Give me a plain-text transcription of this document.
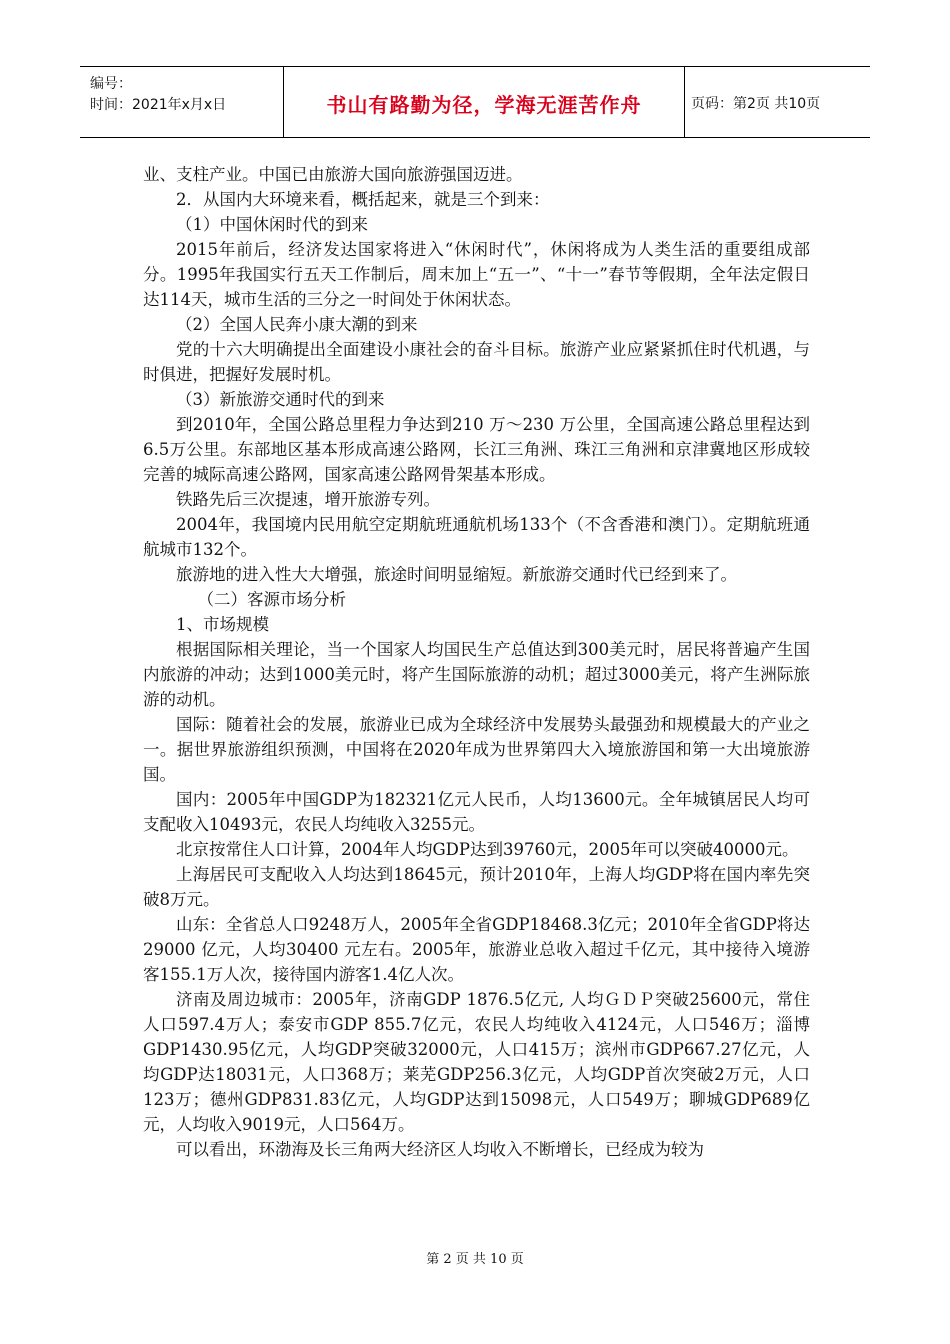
编号：
时间：2021年x月x日	书山有路勤为径，学海无涯苦作舟	页码：第2页 共10页

业、支柱产业。中国已由旅游大国向旅游强国迈进。

2．从国内大环境来看，概括起来，就是三个到来：

（1）中国休闲时代的到来

2015年前后，经济发达国家将进入“休闲时代”，休闲将成为人类生活的重要组成部分。1995年我国实行五天工作制后，周末加上“五一”、“十一”春节等假期，全年法定假日达114天，城市生活的三分之一时间处于休闲状态。

（2）全国人民奔小康大潮的到来

党的十六大明确提出全面建设小康社会的奋斗目标。旅游产业应紧紧抓住时代机遇，与时俱进，把握好发展时机。

（3）新旅游交通时代的到来

到2010年，全国公路总里程力争达到210 万～230 万公里，全国高速公路总里程达到6.5万公里。东部地区基本形成高速公路网，长江三角洲、珠江三角洲和京津冀地区形成较完善的城际高速公路网，国家高速公路网骨架基本形成。

铁路先后三次提速，增开旅游专列。

2004年，我国境内民用航空定期航班通航机场133个（不含香港和澳门）。定期航班通航城市132个。

旅游地的进入性大大增强，旅途时间明显缩短。新旅游交通时代已经到来了。

（二）客源市场分析

1、市场规模

根据国际相关理论，当一个国家人均国民生产总值达到300美元时，居民将普遍产生国内旅游的冲动；达到1000美元时，将产生国际旅游的动机；超过3000美元，将产生洲际旅游的动机。

国际：随着社会的发展，旅游业已成为全球经济中发展势头最强劲和规模最大的产业之一。据世界旅游组织预测，中国将在2020年成为世界第四大入境旅游国和第一大出境旅游国。

国内：2005年中国GDP为182321亿元人民币，人均13600元。全年城镇居民人均可支配收入10493元，农民人均纯收入3255元。

北京按常住人口计算，2004年人均GDP达到39760元，2005年可以突破40000元。

上海居民可支配收入人均达到18645元，预计2010年，上海人均GDP将在国内率先突破8万元。

山东：全省总人口9248万人，2005年全省GDP18468.3亿元；2010年全省GDP将达 29000 亿元，人均30400 元左右。2005年，旅游业总收入超过千亿元，其中接待入境游客155.1万人次，接待国内游客1.4亿人次。

济南及周边城市：2005年，济南GDP 1876.5亿元, 人均ＧＤＰ突破25600元，常住人口597.4万人；泰安市GDP 855.7亿元，农民人均纯收入4124元，人口546万；淄博GDP1430.95亿元，人均GDP突破32000元，人口415万；滨州市GDP667.27亿元，人均GDP达18031元，人口368万；莱芜GDP256.3亿元，人均GDP首次突破2万元，人口123万；德州GDP831.83亿元，人均GDP达到15098元，人口549万；聊城GDP689亿元，人均收入9019元，人口564万。

可以看出，环渤海及长三角两大经济区人均收入不断增长，已经成为较为

第 2 页 共 10 页
